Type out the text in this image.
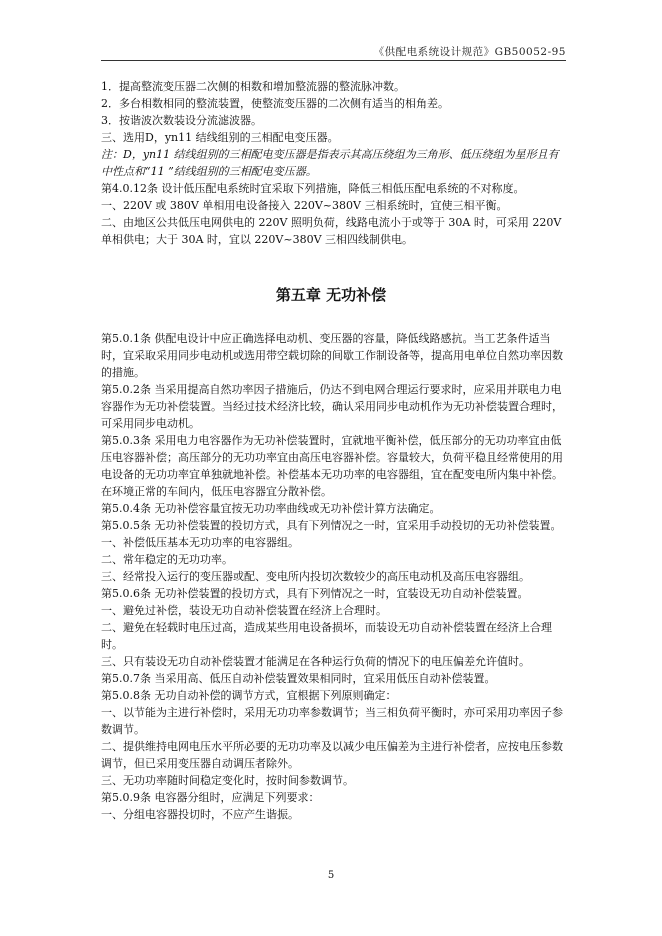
《供配电系统设计规范》GB50052-95

1．提高整流变压器二次侧的相数和增加整流器的整流脉冲数。

2．多台相数相同的整流装置，使整流变压器的二次侧有适当的相角差。

3．按谐波次数装设分流滤波器。

三、选用D，yn11 结线组别的三相配电变压器。

注：D，yn11 结线组别的三相配电变压器是指表示其高压绕组为三角形、低压绕组为星形且有中性点和“11 ”结线组别的三相配电变压器。

第4.0.12条 设计低压配电系统时宜采取下列措施，降低三相低压配电系统的不对称度。

一、220V 或 380V 单相用电设备接入 220V~380V 三相系统时，宜使三相平衡。

二、由地区公共低压电网供电的 220V 照明负荷，线路电流小于或等于 30A 时，可采用 220V 单相供电；大于 30A 时，宜以 220V~380V 三相四线制供电。

第五章 无功补偿

第5.0.1条 供配电设计中应正确选择电动机、变压器的容量，降低线路感抗。当工艺条件适当时，宜采取采用同步电动机或选用带空载切除的间歇工作制设备等，提高用电单位自然功率因数的措施。

第5.0.2条 当采用提高自然功率因子措施后，仍达不到电网合理运行要求时，应采用并联电力电容器作为无功补偿装置。当经过技术经济比较，确认采用同步电动机作为无功补偿装置合理时，可采用同步电动机。

第5.0.3条 采用电力电容器作为无功补偿装置时，宜就地平衡补偿，低压部分的无功功率宜由低压电容器补偿；高压部分的无功功率宜由高压电容器补偿。容量较大，负荷平稳且经常使用的用电设备的无功功率宜单独就地补偿。补偿基本无功功率的电容器组，宜在配变电所内集中补偿。在环境正常的车间内，低压电容器宜分散补偿。

第5.0.4条 无功补偿容量宜按无功功率曲线或无功补偿计算方法确定。

第5.0.5条 无功补偿装置的投切方式，具有下列情况之一时，宜采用手动投切的无功补偿装置。

一、补偿低压基本无功功率的电容器组。

二、常年稳定的无功功率。

三、经常投入运行的变压器或配、变电所内投切次数较少的高压电动机及高压电容器组。

第5.0.6条 无功补偿装置的投切方式，具有下列情况之一时，宜装设无功自动补偿装置。

一、避免过补偿，装设无功自动补偿装置在经济上合理时。

二、避免在轻载时电压过高，造成某些用电设备损坏，而装设无功自动补偿装置在经济上合理时。

三、只有装设无功自动补偿装置才能满足在各种运行负荷的情况下的电压偏差允许值时。

第5.0.7条 当采用高、低压自动补偿装置效果相同时，宜采用低压自动补偿装置。

第5.0.8条 无功自动补偿的调节方式，宜根据下列原则确定：

一、以节能为主进行补偿时，采用无功功率参数调节；当三相负荷平衡时，亦可采用功率因子参数调节。

二、提供维持电网电压水平所必要的无功功率及以减少电压偏差为主进行补偿者，应按电压参数调节，但已采用变压器自动调压者除外。

三、无功功率随时间稳定变化时，按时间参数调节。

第5.0.9条 电容器分组时，应满足下列要求：

一、分组电容器投切时，不应产生谐振。

5
